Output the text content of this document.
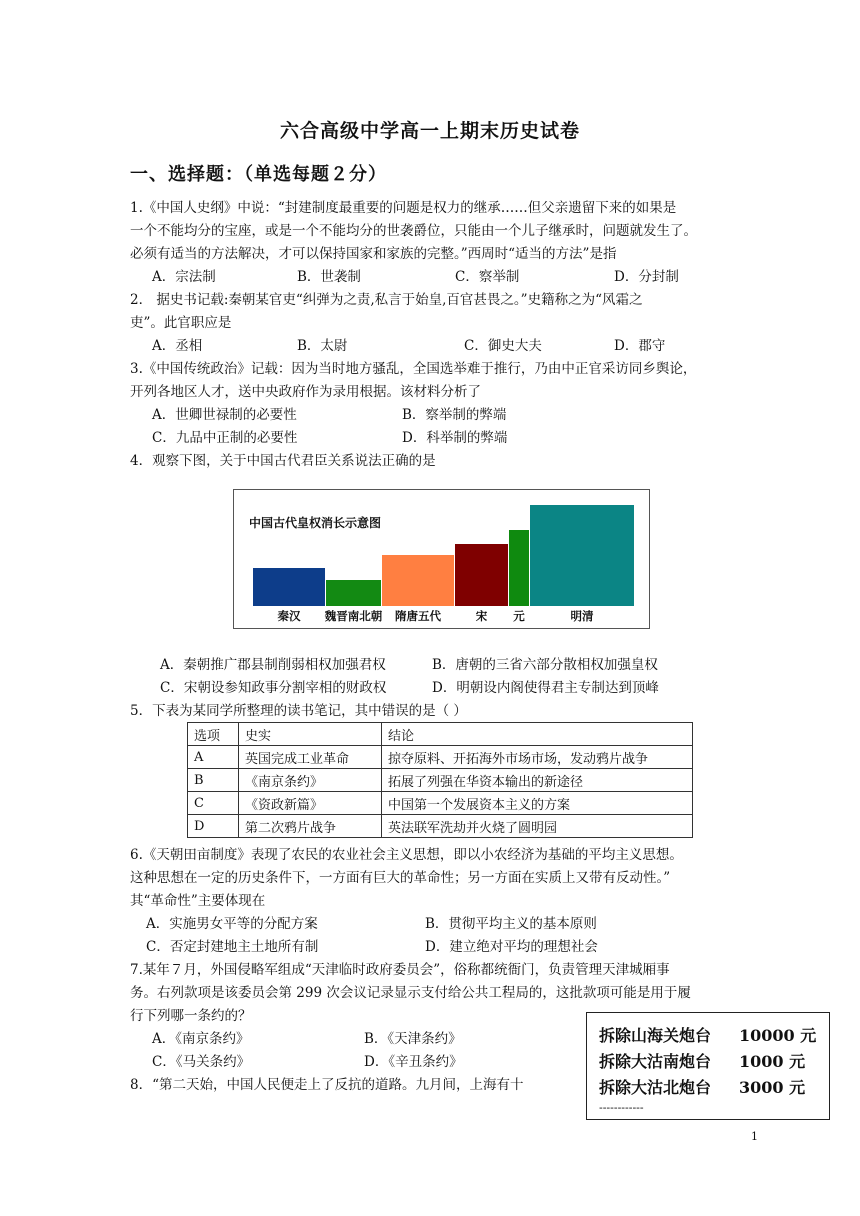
六合高级中学高一上期末历史试卷
一、选择题：（单选每题２分）
1.《中国人史纲》中说：“封建制度最重要的问题是权力的继承……但父亲遗留下来的如果是
一个不能均分的宝座，或是一个不能均分的世袭爵位，只能由一个儿子继承时，问题就发生了。
必须有适当的方法解决，才可以保持国家和家族的完整。”西周时“适当的方法”是指
A．宗法制	B．世袭制	C．察举制	D．分封制
2． 据史书记载:秦朝某官吏“纠弹为之责,私言于始皇,百官甚畏之。”史籍称之为“风霜之
吏”。此官职应是
A．丞相	B．太尉	C．御史大夫	D．郡守
3.《中国传统政治》记载：因为当时地方骚乱，全国选举难于推行，乃由中正官采访同乡舆论，
开列各地区人才，送中央政府作为录用根据。该材料分析了
A．世卿世禄制的必要性	B．察举制的弊端
C．九品中正制的必要性	D．科举制的弊端
4．观察下图，关于中国古代君臣关系说法正确的是
中国古代皇权消长示意图
秦汉 魏晋南北朝 隋唐五代	宋 元	明清
A．秦朝推广郡县制削弱相权加强君权	B．唐朝的三省六部分散相权加强皇权
C．宋朝设参知政事分割宰相的财政权	D．明朝设内阁使得君主专制达到顶峰
5．下表为某同学所整理的读书笔记，其中错误的是（ ）
选项	史实	结论
A	英国完成工业革命	掠夺原料、开拓海外市场市场，发动鸦片战争
B	《南京条约》	拓展了列强在华资本输出的新途径
C	《资政新篇》	中国第一个发展资本主义的方案
D	第二次鸦片战争	英法联军洗劫并火烧了圆明园
6.《天朝田亩制度》表现了农民的农业社会主义思想，即以小农经济为基础的平均主义思想。
这种思想在一定的历史条件下，一方面有巨大的革命性；另一方面在实质上又带有反动性。”
其“革命性”主要体现在
A．实施男女平等的分配方案	B．贯彻平均主义的基本原则
C．否定封建地主土地所有制	D．建立绝对平均的理想社会
7.某年７月，外国侵略军组成“天津临时政府委员会”，俗称都统衙门，负责管理天津城厢事
务。右列款项是该委员会第 299 次会议记录显示支付给公共工程局的，这批款项可能是用于履
行下列哪一条约的？
A．《南京条约》	B．《天津条约》
C．《马关条约》	D．《辛丑条约》
8．“第二天始，中国人民便走上了反抗的道路。九月间，上海有十
拆除山海关炮台 10000 元
拆除大沽南炮台 1000 元
拆除大沽北炮台 3000 元
------------
1
